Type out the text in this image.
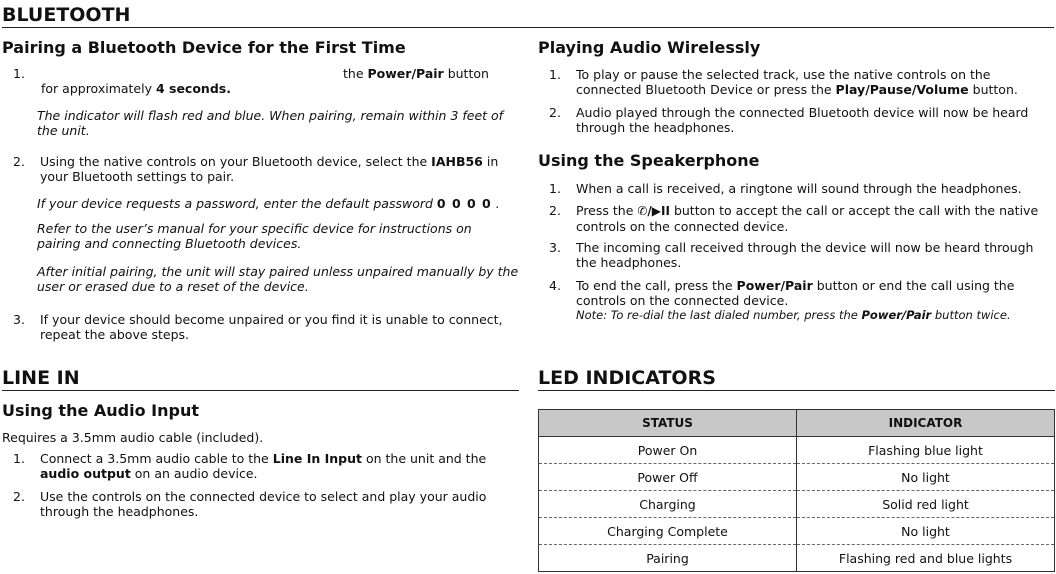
BLUETOOTH
Pairing a Bluetooth Device for the First Time
1.	the Power/Pair button
for approximately 4 seconds.
The indicator will flash red and blue. When pairing, remain within 3 feet of the unit.
2.	Using the native controls on your Bluetooth device, select the IAHB56 in your Bluetooth settings to pair.
If your device requests a password, enter the default password 0 0 0 0 .
Refer to the user’s manual for your specific device for instructions on pairing and connecting Bluetooth devices.
After initial pairing, the unit will stay paired unless unpaired manually by the user or erased due to a reset of the device.
3.	If your device should become unpaired or you find it is unable to connect, repeat the above steps.
Playing Audio Wirelessly
1.	To play or pause the selected track, use the native controls on the connected Bluetooth Device or press the Play/Pause/Volume button.
2.	Audio played through the connected Bluetooth device will now be heard through the headphones.
Using the Speakerphone
1.	When a call is received, a ringtone will sound through the headphones.
2.	Press the ✆/▶II button to accept the call or accept the call with the native controls on the connected device.
3.	The incoming call received through the device will now be heard through the headphones.
4.	To end the call, press the Power/Pair button or end the call using the controls on the connected device.
Note: To re-dial the last dialed number, press the Power/Pair button twice.
LINE IN
Using the Audio Input
Requires a 3.5mm audio cable (included).
1.	Connect a 3.5mm audio cable to the Line In Input on the unit and the audio output on an audio device.
2.	Use the controls on the connected device to select and play your audio through the headphones.
LED INDICATORS
STATUS	INDICATOR
Power On	Flashing blue light
Power Off	No light
Charging	Solid red light
Charging Complete	No light
Pairing	Flashing red and blue lights
